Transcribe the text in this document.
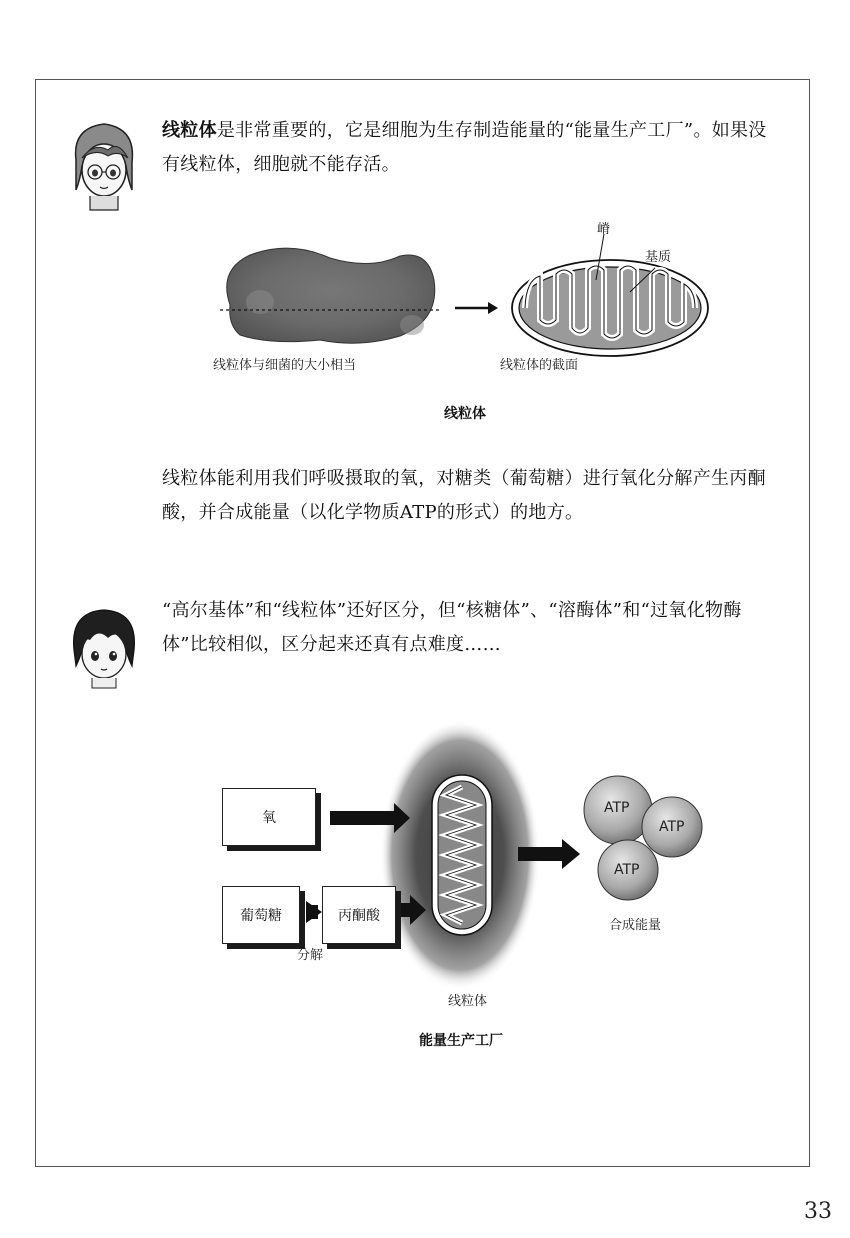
线粒体是非常重要的，它是细胞为生存制造能量的“能量生产工厂”。如果没有线粒体，细胞就不能存活。
嵴
基质
线粒体与细菌的大小相当	线粒体的截面
线粒体
线粒体能利用我们呼吸摄取的氧，对糖类（葡萄糖）进行氧化分解产生丙酮酸，并合成能量（以化学物质ATP的形式）的地方。
“高尔基体”和“线粒体”还好区分，但“核糖体”、“溶酶体”和“过氧化物酶体”比较相似，区分起来还真有点难度……
氧
葡萄糖	丙酮酸
分解
线粒体
ATP
ATP
ATP
合成能量
能量生产工厂
33
